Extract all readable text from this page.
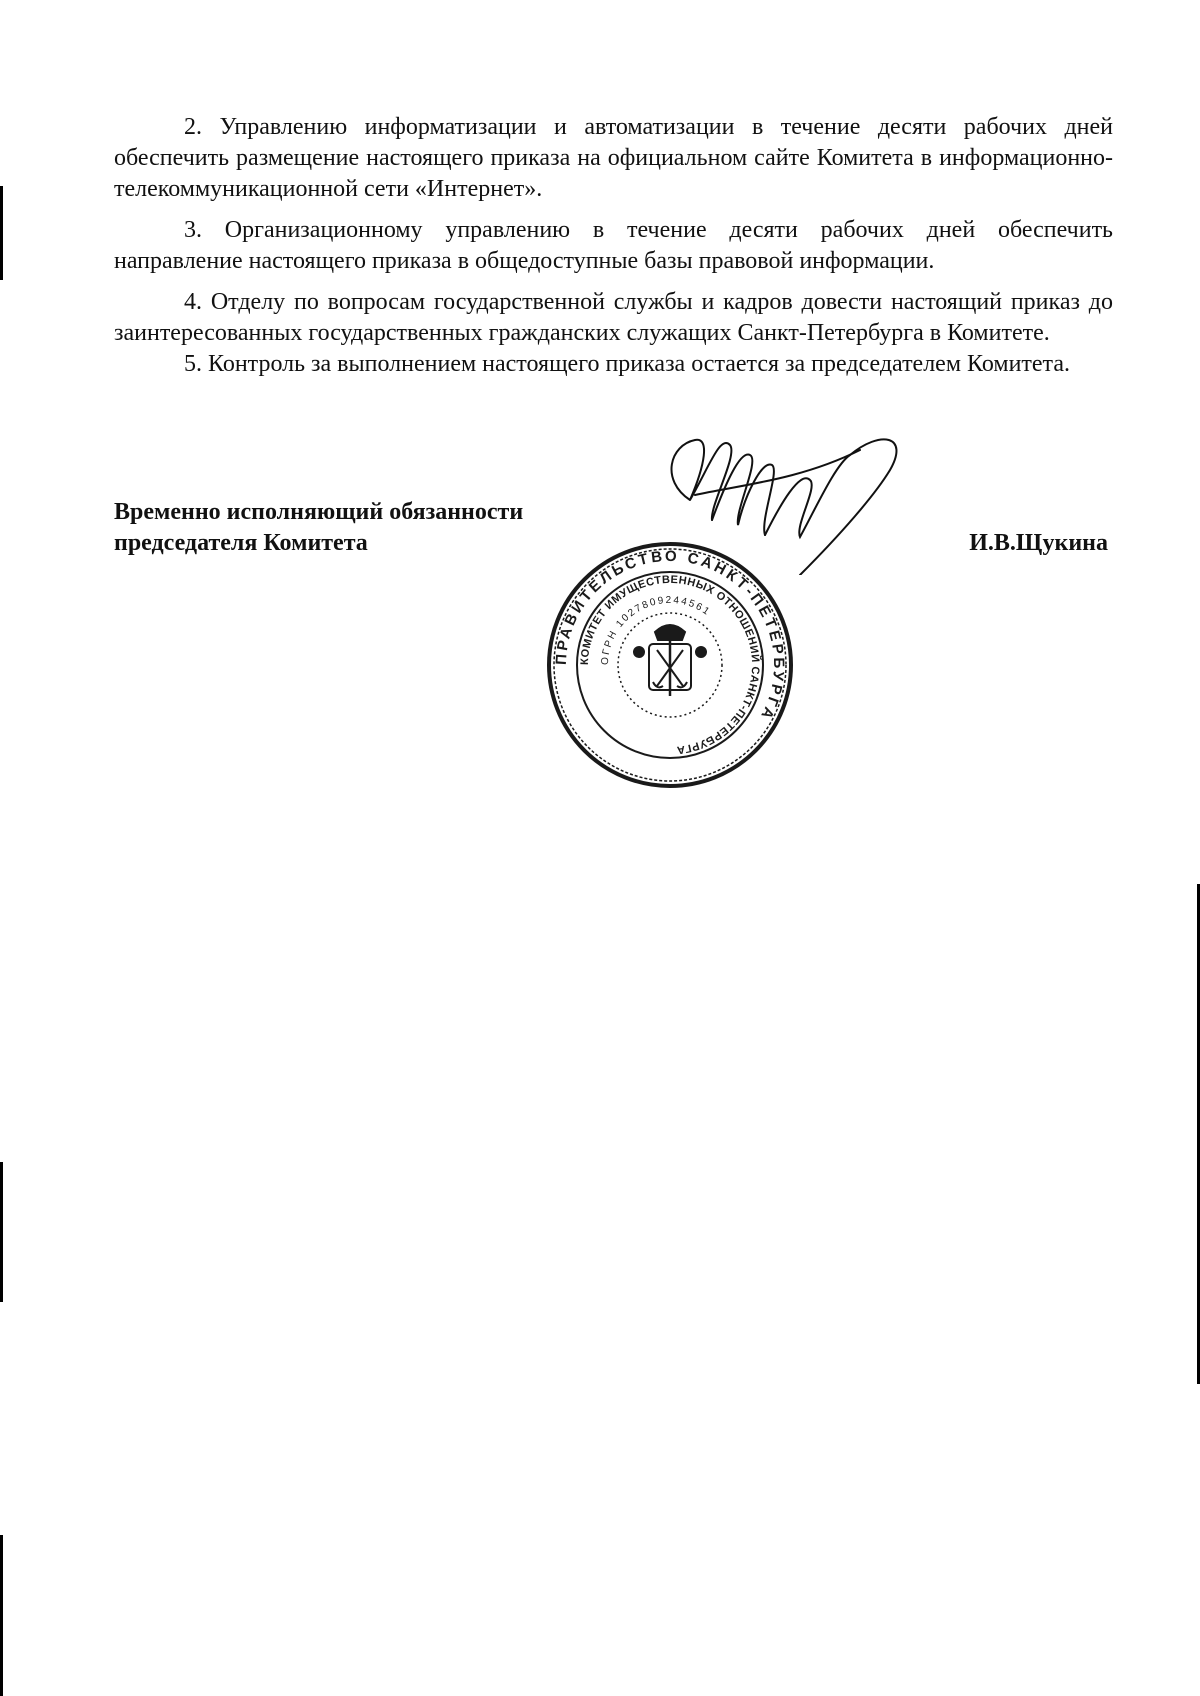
2. Управлению информатизации и автоматизации в течение десяти рабочих дней обеспечить размещение настоящего приказа на официальном сайте Комитета в информационно-телекоммуникационной сети «Интернет».

3. Организационному управлению в течение десяти рабочих дней обеспечить направление настоящего приказа в общедоступные базы правовой информации.

4. Отделу по вопросам государственной службы и кадров довести настоящий приказ до заинтересованных государственных гражданских служащих Санкт-Петербурга в Комитете.

5. Контроль за выполнением настоящего приказа остается за председателем Комитета.

Временно исполняющий обязанности
председателя Комитета	И.В.Щукина
ПРАВИТЕЛЬСТВО САНКТ-ПЕТЕРБУРГА
КОМИТЕТ ИМУЩЕСТВЕННЫХ ОТНОШЕНИЙ САНКТ-ПЕТЕРБУРГА
ОГРН 1027809244561
